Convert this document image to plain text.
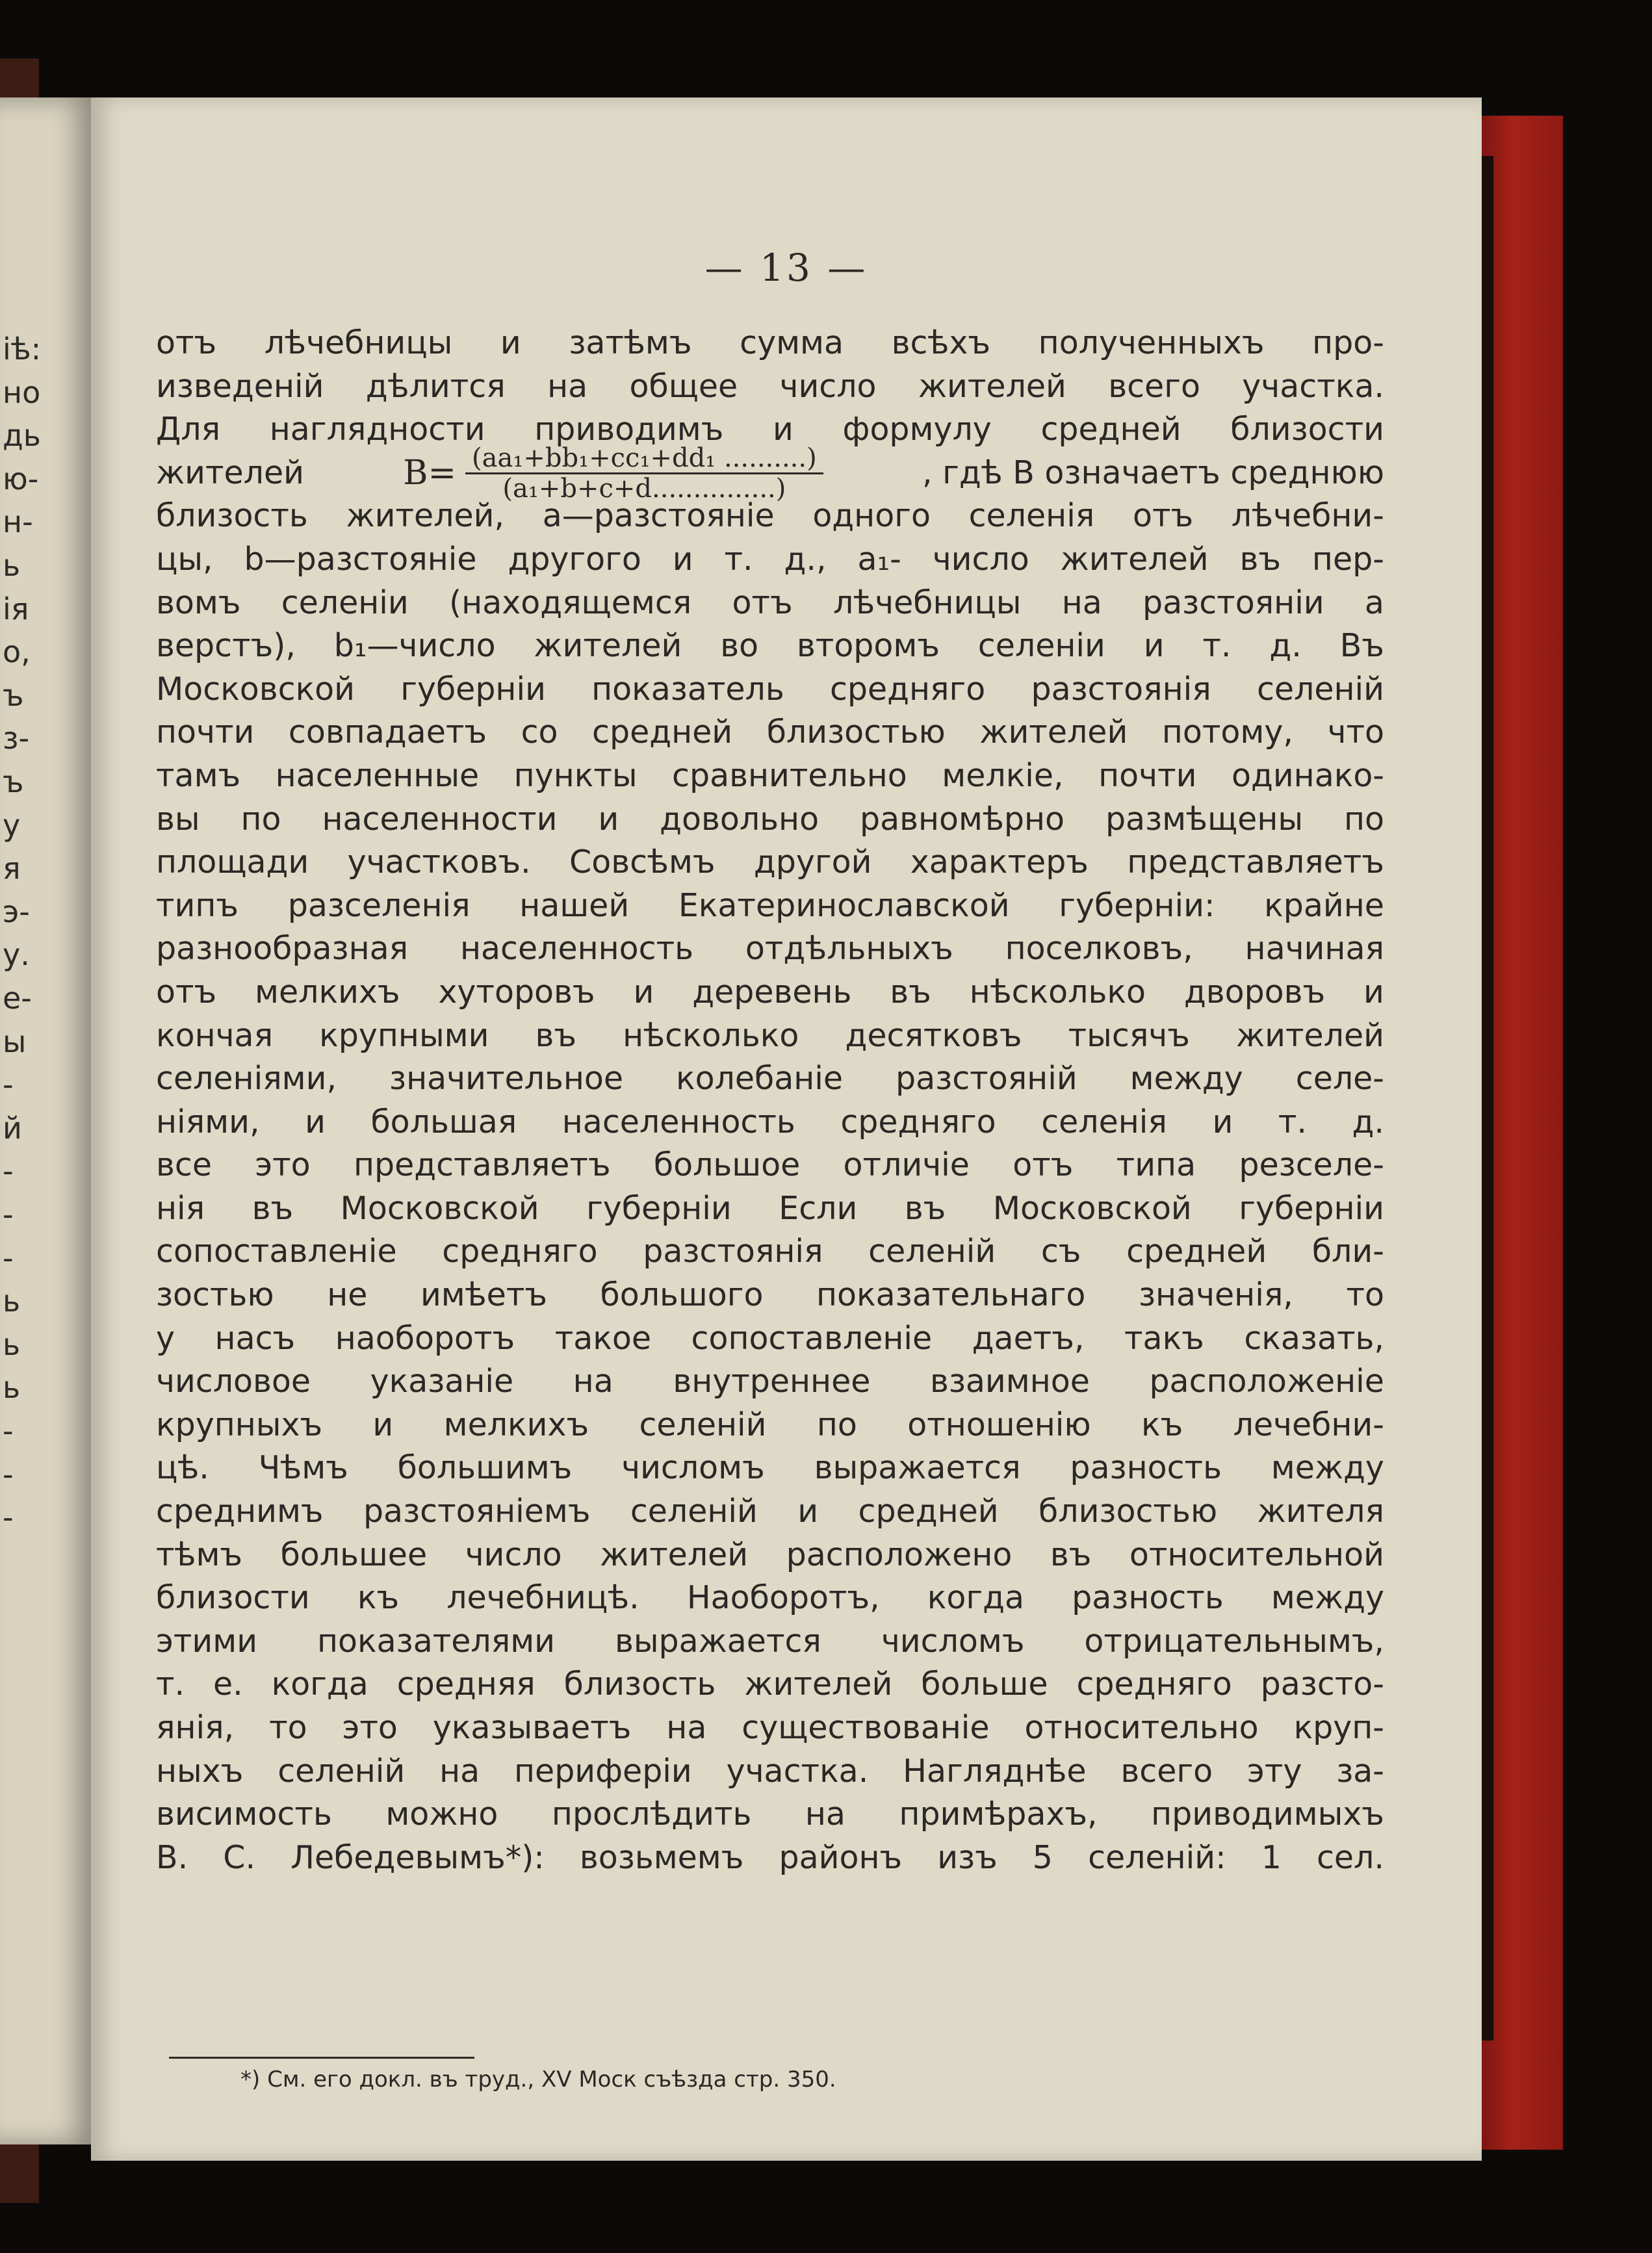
іѣ:
но
дь
ю-
н-
ь
ія
о,
ъ
з-
ъ
у
я
э-
у.
е-
ы
-
й
-
-
-
ь
ь
ь
-
-
-
— 13 —
отъ лѣчебницы и затѣмъ сумма всѣхъ полученныхъ про-
изведеній дѣлится на общее число жителей всего участка.
Для наглядности приводимъ и формулу средней близости
жителей	$B= \frac{\text{(aa₁+bb₁+cc₁+dd₁ ..........)}}{\text{(a₁+b+c+d...............)}}$	, гдѣ B означаетъ среднюю
близость жителей, а—разстояніе одного селенія отъ лѣчебни-
цы, b—разстояніе другого и т. д., a₁- число жителей въ пер-
вомъ селеніи (находящемся отъ лѣчебницы на разстояніи а
верстъ), b₁—число жителей во второмъ селеніи и т. д. Въ
Московской губерніи показатель средняго разстоянія селеній
почти совпадаетъ со средней близостью жителей потому, что
тамъ населенные пункты сравнительно мелкіе, почти одинако-
вы по населенности и довольно равномѣрно размѣщены по
площади участковъ. Совсѣмъ другой характеръ представляетъ
типъ разселенія нашей Екатеринославской губерніи: крайне
разнообразная населенность отдѣльныхъ поселковъ, начиная
отъ мелкихъ хуторовъ и деревень въ нѣсколько дворовъ и
кончая крупными въ нѣсколько десятковъ тысячъ жителей
селеніями, значительное колебаніе разстояній между селе-
ніями, и большая населенность средняго селенія и т. д.
все это представляетъ большое отличіе отъ типа резселе-
нія въ Московской губерніи Если въ Московской губерніи
сопоставленіе средняго разстоянія селеній съ средней бли-
зостью не имѣетъ большого показательнаго значенія, то
у насъ наоборотъ такое сопоставленіе даетъ, такъ сказать,
числовое указаніе на внутреннее взаимное расположеніе
крупныхъ и мелкихъ селеній по отношенію къ лечебни-
цѣ. Чѣмъ большимъ числомъ выражается разность между
среднимъ разстояніемъ селеній и средней близостью жителя
тѣмъ большее число жителей расположено въ относительной
близости къ лечебницѣ. Наоборотъ, когда разность между
этими показателями выражается числомъ отрицательнымъ,
т. е. когда средняя близость жителей больше средняго разсто-
янія, то это указываетъ на существованіе относительно круп-
ныхъ селеній на периферіи участка. Нагляднѣе всего эту за-
висимость можно прослѣдить на примѣрахъ, приводимыхъ
В. С. Лебедевымъ*): возьмемъ районъ изъ 5 селеній: 1 сел.
*) См. его докл. въ труд., XV Моск съѣзда стр. 350.
